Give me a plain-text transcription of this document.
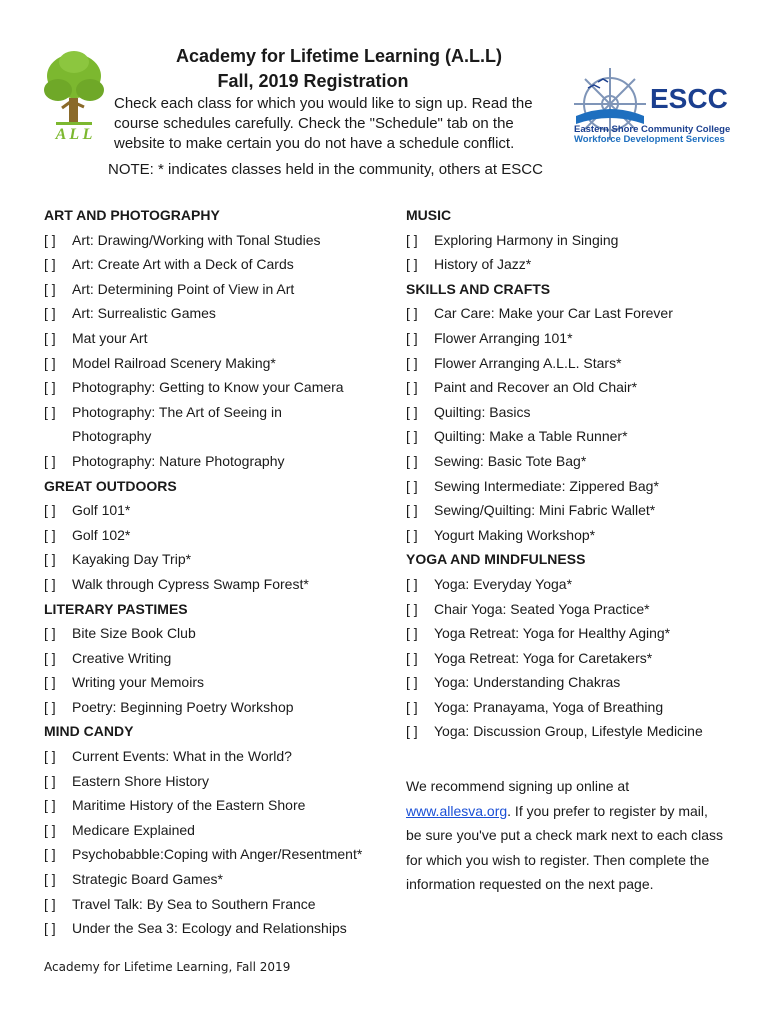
Academy for Lifetime Learning (A.L.L)
Fall, 2019 Registration
A L L
Check each class for which you would like to sign up. Read the course schedules carefully. Check the "Schedule" tab on the website to make certain you do not have a schedule conflict.
ESCC
Eastern Shore Community College
Workforce Development Services
NOTE: * indicates classes held in the community, others at ESCC
ART AND PHOTOGRAPHY
[ ] Art: Drawing/Working with Tonal Studies
[ ] Art: Create Art with a Deck of Cards
[ ] Art: Determining Point of View in Art
[ ] Art: Surrealistic Games
[ ] Mat your Art
[ ] Model Railroad Scenery Making*
[ ] Photography: Getting to Know your Camera
[ ] Photography: The Art of Seeing in
Photography
[ ] Photography: Nature Photography
GREAT OUTDOORS
[ ] Golf 101*
[ ] Golf 102*
[ ] Kayaking Day Trip*
[ ] Walk through Cypress Swamp Forest*
LITERARY PASTIMES
[ ] Bite Size Book Club
[ ] Creative Writing
[ ] Writing your Memoirs
[ ] Poetry: Beginning Poetry Workshop
MIND CANDY
[ ] Current Events: What in the World?
[ ] Eastern Shore History
[ ] Maritime History of the Eastern Shore
[ ] Medicare Explained
[ ] Psychobabble:Coping with Anger/Resentment*
[ ] Strategic Board Games*
[ ] Travel Talk: By Sea to Southern France
[ ] Under the Sea 3: Ecology and Relationships
MUSIC
[ ] Exploring Harmony in Singing
[ ] History of Jazz*
SKILLS AND CRAFTS
[ ] Car Care: Make your Car Last Forever
[ ] Flower Arranging 101*
[ ] Flower Arranging A.L.L. Stars*
[ ] Paint and Recover an Old Chair*
[ ] Quilting: Basics
[ ] Quilting: Make a Table Runner*
[ ] Sewing: Basic Tote Bag*
[ ] Sewing Intermediate: Zippered Bag*
[ ] Sewing/Quilting: Mini Fabric Wallet*
[ ] Yogurt Making Workshop*
YOGA AND MINDFULNESS
[ ] Yoga: Everyday Yoga*
[ ] Chair Yoga: Seated Yoga Practice*
[ ] Yoga Retreat: Yoga for Healthy Aging*
[ ] Yoga Retreat: Yoga for Caretakers*
[ ] Yoga: Understanding Chakras
[ ] Yoga: Pranayama, Yoga of Breathing
[ ] Yoga: Discussion Group, Lifestyle Medicine
We recommend signing up online at
www.allesva.org. If you prefer to register by mail,
be sure you've put a check mark next to each class
for which you wish to register. Then complete the
information requested on the next page.
Academy for Lifetime Learning, Fall 2019
